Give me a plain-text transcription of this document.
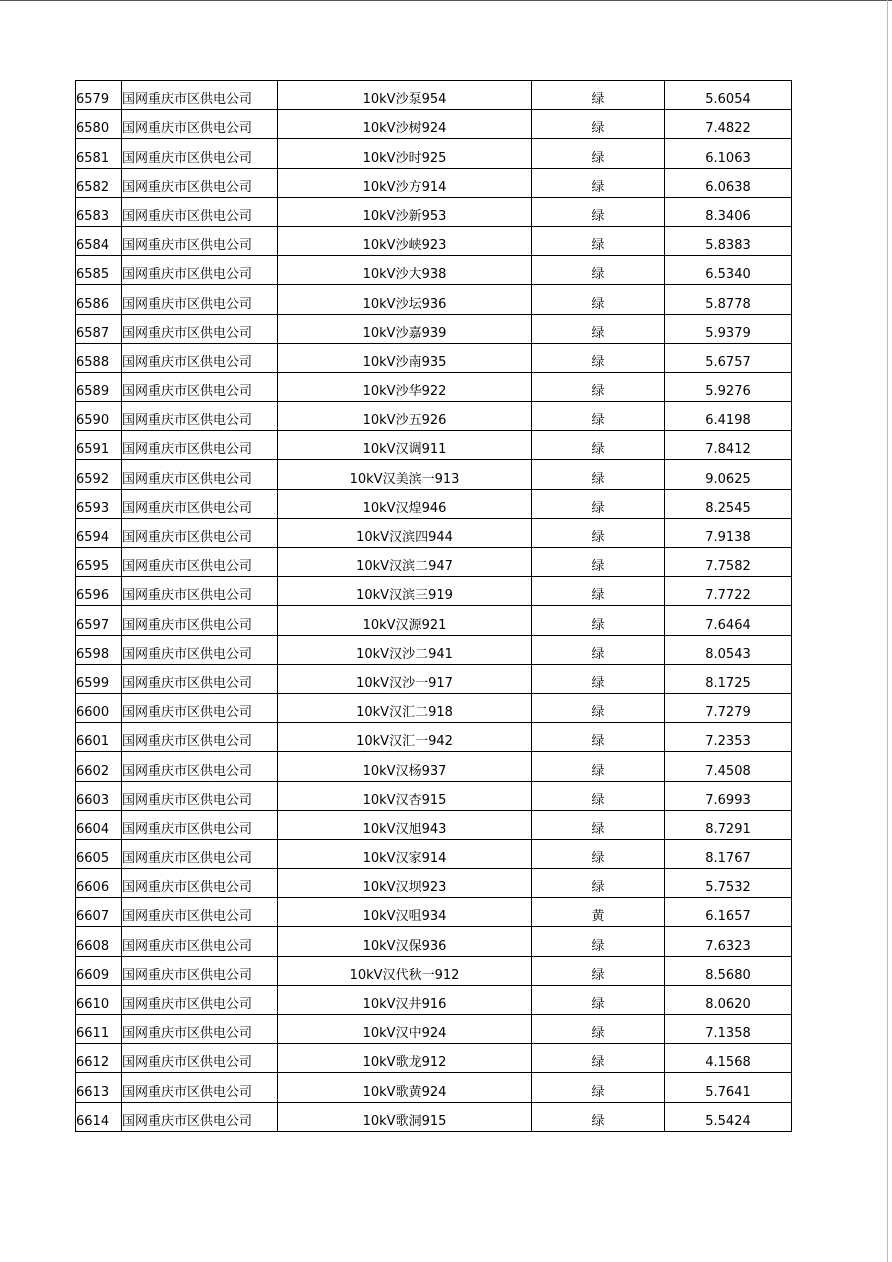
6579	国网重庆市区供电公司	10kV沙泵954	绿	5.6054
6580	国网重庆市区供电公司	10kV沙树924	绿	7.4822
6581	国网重庆市区供电公司	10kV沙时925	绿	6.1063
6582	国网重庆市区供电公司	10kV沙方914	绿	6.0638
6583	国网重庆市区供电公司	10kV沙新953	绿	8.3406
6584	国网重庆市区供电公司	10kV沙峡923	绿	5.8383
6585	国网重庆市区供电公司	10kV沙大938	绿	6.5340
6586	国网重庆市区供电公司	10kV沙坛936	绿	5.8778
6587	国网重庆市区供电公司	10kV沙嘉939	绿	5.9379
6588	国网重庆市区供电公司	10kV沙南935	绿	5.6757
6589	国网重庆市区供电公司	10kV沙华922	绿	5.9276
6590	国网重庆市区供电公司	10kV沙五926	绿	6.4198
6591	国网重庆市区供电公司	10kV汉调911	绿	7.8412
6592	国网重庆市区供电公司	10kV汉美滨一913	绿	9.0625
6593	国网重庆市区供电公司	10kV汉煌946	绿	8.2545
6594	国网重庆市区供电公司	10kV汉滨四944	绿	7.9138
6595	国网重庆市区供电公司	10kV汉滨二947	绿	7.7582
6596	国网重庆市区供电公司	10kV汉滨三919	绿	7.7722
6597	国网重庆市区供电公司	10kV汉源921	绿	7.6464
6598	国网重庆市区供电公司	10kV汉沙二941	绿	8.0543
6599	国网重庆市区供电公司	10kV汉沙一917	绿	8.1725
6600	国网重庆市区供电公司	10kV汉汇二918	绿	7.7279
6601	国网重庆市区供电公司	10kV汉汇一942	绿	7.2353
6602	国网重庆市区供电公司	10kV汉杨937	绿	7.4508
6603	国网重庆市区供电公司	10kV汉杏915	绿	7.6993
6604	国网重庆市区供电公司	10kV汉旭943	绿	8.7291
6605	国网重庆市区供电公司	10kV汉家914	绿	8.1767
6606	国网重庆市区供电公司	10kV汉坝923	绿	5.7532
6607	国网重庆市区供电公司	10kV汉咀934	黄	6.1657
6608	国网重庆市区供电公司	10kV汉保936	绿	7.6323
6609	国网重庆市区供电公司	10kV汉代秋一912	绿	8.5680
6610	国网重庆市区供电公司	10kV汉井916	绿	8.0620
6611	国网重庆市区供电公司	10kV汉中924	绿	7.1358
6612	国网重庆市区供电公司	10kV歌龙912	绿	4.1568
6613	国网重庆市区供电公司	10kV歌黄924	绿	5.7641
6614	国网重庆市区供电公司	10kV歌洞915	绿	5.5424
